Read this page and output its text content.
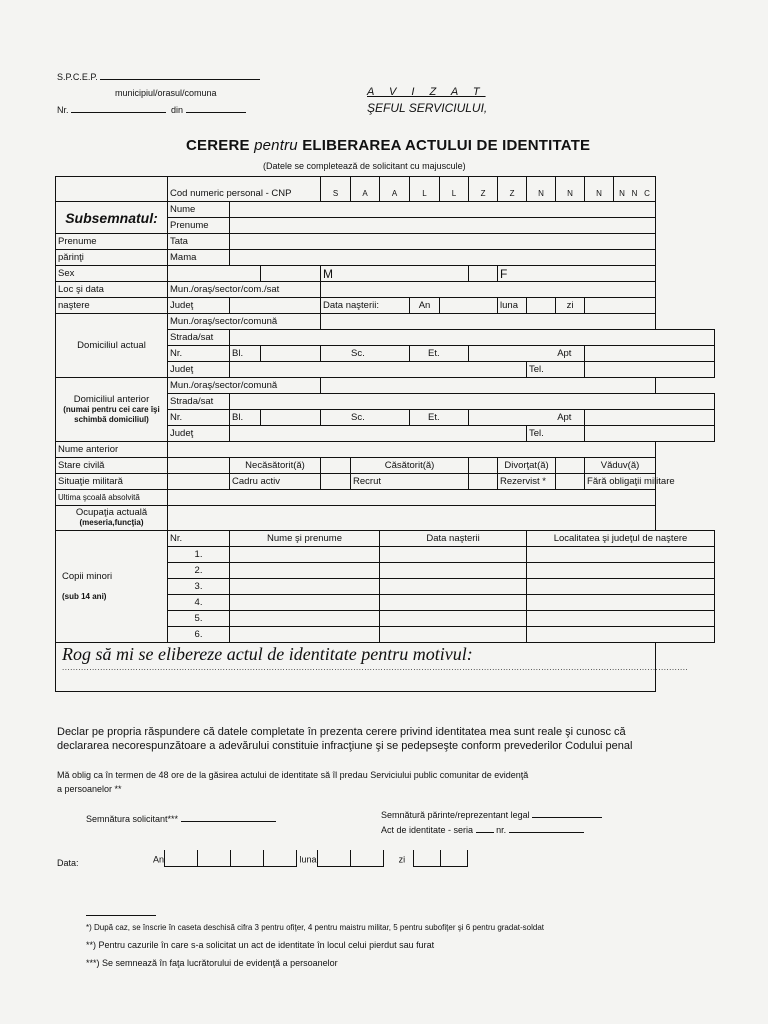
S.P.C.E.P.
municipiul/orasul/comuna
Nr.	din
A V I Z A T
ŞEFUL SERVICIULUI,
CERERE pentru ELIBERAREA ACTULUI DE IDENTITATE
(Datele se completează de solicitant cu majuscule)
	Cod numeric personal - CNP			S	A	A	L	L	Z	Z	N	N	N	N N C
Subsemnatul:	Nume													
	Prenume													
Prenume	Tata													
părinţi	Mama													
Sex				M						F				
Loc şi data	Mun./oraş/sector/com./sat													
naştere	Judeţ			Data naşterii:			An			luna		zi		
Domiciliul actual	Mun./oraş/sector/comună													
	Strada/sat													
	Nr.	Bl.		Sc.			Et.		Apt					
	Judeţ										Tel.			
Domiciliul anterior
(numai pentru cei care îşi schimbă domiciliul)	Mun./oraş/sector/comună													
	Strada/sat													
	Nr.	Bl.		Sc.			Et.		Apt					
	Judeţ										Tel.			
Nume anterior														
Stare civilă		Necăsătorit(ă)			Căsătorit(ă)					Divorţat(ă)			Văduv(ă)	
Situaţie militară		Cadru activ			Recrut					Rezervist *			Fără obligaţii militare	
Ultima şcoală absolvită														
Ocupaţia actuală
(meseria,funcţia)														
Copii minori

(sub 14 ani)	Nr.	Nume şi prenume				Data naşterii					Localitatea şi judeţul de naştere			
	1.													
	2.													
	3.													
	4.													
	5.													
	6.													

Rog să mi se elibereze actul de identitate pentru motivul:
......................................................................................................................................................................................................................................														
Declar pe propria răspundere că datele completate în prezenta cerere privind identitatea mea sunt reale şi cunosc că
declararea necorespunzătoare a adevărului constituie infracţiune şi se pedepseşte conform prevederilor Codului penal
Mă oblig ca în termen de 48 ore de la găsirea actului de identitate să îl predau Serviciului public comunitar de evidenţă
a persoanelor **
Semnătura solicitant***	Semnătură părinte/reprezentant legal
Act de identitate - seria	nr.
Data:	An	luna	zi
*) După caz, se înscrie în caseta deschisă cifra 3 pentru ofiţer, 4 pentru maistru militar, 5 pentru subofiţer şi 6 pentru gradat-soldat
**) Pentru cazurile în care s-a solicitat un act de identitate în locul celui pierdut sau furat
***) Se semnează în faţa lucrătorului de evidenţă a persoanelor
